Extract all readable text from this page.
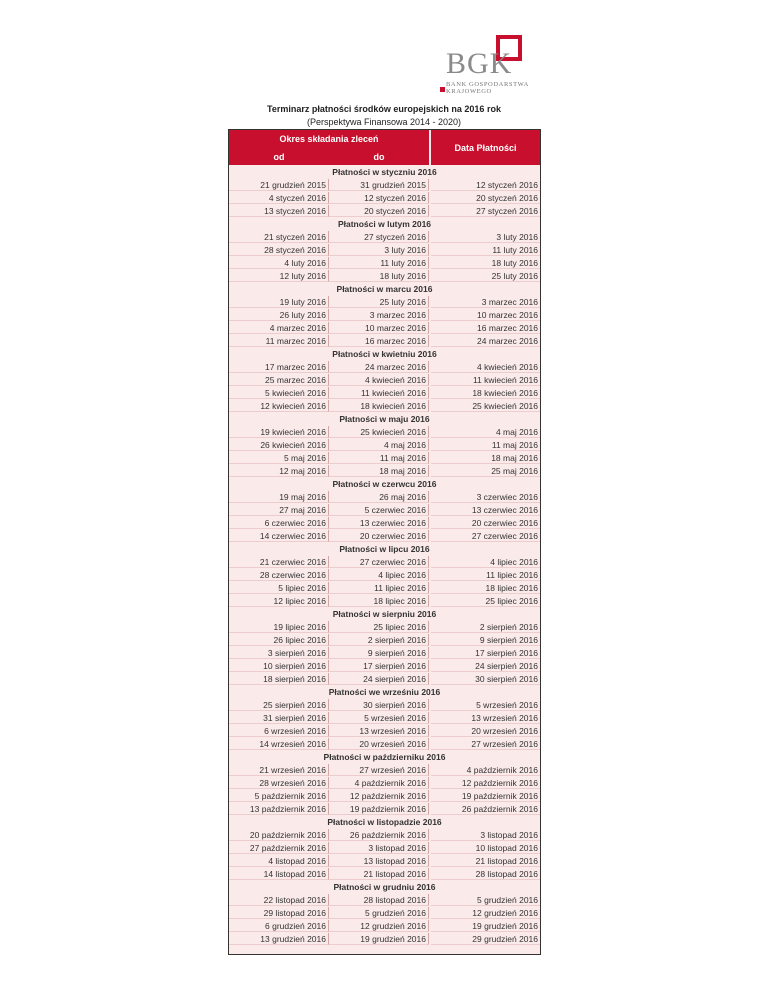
BGK
BANK GOSPODARSTWA
KRAJOWEGO
Terminarz płatności środków europejskich na 2016 rok
(Perspektywa Finansowa 2014 - 2020)
Okres składania zleceń
od	do
Data Płatności
Płatności w styczniu 2016
21 grudzień 2015	31 grudzień 2015	12 styczeń 2016
4 styczeń 2016	12 styczeń 2016	20 styczeń 2016
13 styczeń 2016	20 styczeń 2016	27 styczeń 2016
Płatności w lutym 2016
21 styczeń 2016	27 styczeń 2016	3 luty 2016
28 styczeń 2016	3 luty 2016	11 luty 2016
4 luty 2016	11 luty 2016	18 luty 2016
12 luty 2016	18 luty 2016	25 luty 2016
Płatności w marcu 2016
19 luty 2016	25 luty 2016	3 marzec 2016
26 luty 2016	3 marzec 2016	10 marzec 2016
4 marzec 2016	10 marzec 2016	16 marzec 2016
11 marzec 2016	16 marzec 2016	24 marzec 2016
Płatności w kwietniu 2016
17 marzec 2016	24 marzec 2016	4 kwiecień 2016
25 marzec 2016	4 kwiecień 2016	11 kwiecień 2016
5 kwiecień 2016	11 kwiecień 2016	18 kwiecień 2016
12 kwiecień 2016	18 kwiecień 2016	25 kwiecień 2016
Płatności w maju 2016
19 kwiecień 2016	25 kwiecień 2016	4 maj 2016
26 kwiecień 2016	4 maj 2016	11 maj 2016
5 maj 2016	11 maj 2016	18 maj 2016
12 maj 2016	18 maj 2016	25 maj 2016
Płatności w czerwcu 2016
19 maj 2016	26 maj 2016	3 czerwiec 2016
27 maj 2016	5 czerwiec 2016	13 czerwiec 2016
6 czerwiec 2016	13 czerwiec 2016	20 czerwiec 2016
14 czerwiec 2016	20 czerwiec 2016	27 czerwiec 2016
Płatności w lipcu 2016
21 czerwiec 2016	27 czerwiec 2016	4 lipiec 2016
28 czerwiec 2016	4 lipiec 2016	11 lipiec 2016
5 lipiec 2016	11 lipiec 2016	18 lipiec 2016
12 lipiec 2016	18 lipiec 2016	25 lipiec 2016
Płatności w sierpniu 2016
19 lipiec 2016	25 lipiec 2016	2 sierpień 2016
26 lipiec 2016	2 sierpień 2016	9 sierpień 2016
3 sierpień 2016	9 sierpień 2016	17 sierpień 2016
10 sierpień 2016	17 sierpień 2016	24 sierpień 2016
18 sierpień 2016	24 sierpień 2016	30 sierpień 2016
Płatności we wrześniu 2016
25 sierpień 2016	30 sierpień 2016	5 wrzesień 2016
31 sierpień 2016	5 wrzesień 2016	13 wrzesień 2016
6 wrzesień 2016	13 wrzesień 2016	20 wrzesień 2016
14 wrzesień 2016	20 wrzesień 2016	27 wrzesień 2016
Płatności w październiku 2016
21 wrzesień 2016	27 wrzesień 2016	4 październik 2016
28 wrzesień 2016	4 październik 2016	12 październik 2016
5 październik 2016	12 październik 2016	19 październik 2016
13 październik 2016	19 październik 2016	26 październik 2016
Płatności w listopadzie 2016
20 październik 2016	26 październik 2016	3 listopad 2016
27 październik 2016	3 listopad 2016	10 listopad 2016
4 listopad 2016	13 listopad 2016	21 listopad 2016
14 listopad 2016	21 listopad 2016	28 listopad 2016
Płatności w grudniu 2016
22 listopad 2016	28 listopad 2016	5 grudzień 2016
29 listopad 2016	5 grudzień 2016	12 grudzień 2016
6 grudzień 2016	12 grudzień 2016	19 grudzień 2016
13 grudzień 2016	19 grudzień 2016	29 grudzień 2016
